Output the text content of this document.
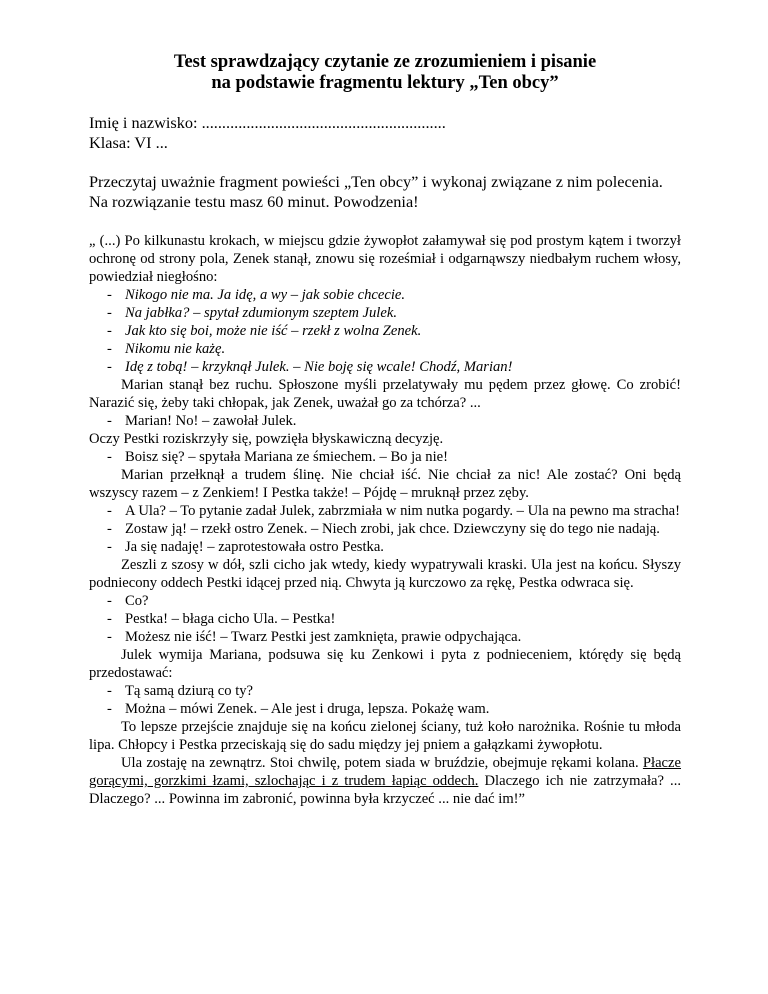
Test sprawdzający czytanie ze zrozumieniem i pisanie
na podstawie fragmentu lektury „Ten obcy”
Imię i nazwisko: ............................................................
Klasa: VI ...
Przeczytaj uważnie fragment powieści „Ten obcy” i wykonaj związane z nim polecenia. Na rozwiązanie testu masz 60 minut. Powodzenia!
„ (...) Po kilkunastu krokach, w miejscu gdzie żywopłot załamywał się pod prostym kątem i tworzył ochronę od strony pola, Zenek stanął, znowu się roześmiał i odgarnąwszy niedbałym ruchem włosy, powiedział niegłośno:
- Nikogo nie ma. Ja idę, a wy – jak sobie chcecie.
- Na jabłka? – spytał zdumionym szeptem Julek.
- Jak kto się boi, może nie iść – rzekł z wolna Zenek.
- Nikomu nie każę.
- Idę z tobą! – krzyknął Julek. – Nie boję się wcale! Chodź, Marian!
Marian stanął bez ruchu. Spłoszone myśli przelatywały mu pędem przez głowę. Co zrobić! Narazić się, żeby taki chłopak, jak Zenek, uważał go za tchórza? ...
- Marian! No! – zawołał Julek.
Oczy Pestki roziskrzyły się, powzięła błyskawiczną decyzję.
- Boisz się? – spytała Mariana ze śmiechem. – Bo ja nie!
Marian przełknął a trudem ślinę. Nie chciał iść. Nie chciał za nic! Ale zostać? Oni będą wszyscy razem – z Zenkiem! I Pestka także! – Pójdę – mruknął przez zęby.
- A Ula? – To pytanie zadał Julek, zabrzmiała w nim nutka pogardy. – Ula na pewno ma stracha!
- Zostaw ją! – rzekł ostro Zenek. – Niech zrobi, jak chce. Dziewczyny się do tego nie nadają.
- Ja się nadaję! – zaprotestowała ostro Pestka.
Zeszli z szosy w dół, szli cicho jak wtedy, kiedy wypatrywali kraski. Ula jest na końcu. Słyszy podniecony oddech Pestki idącej przed nią. Chwyta ją kurczowo za rękę, Pestka odwraca się.
- Co?
- Pestka! – błaga cicho Ula. – Pestka!
- Możesz nie iść! – Twarz Pestki jest zamknięta, prawie odpychająca.
Julek wymija Mariana, podsuwa się ku Zenkowi i pyta z podnieceniem, którędy się będą przedostawać:
- Tą samą dziurą co ty?
- Można – mówi Zenek. – Ale jest i druga, lepsza. Pokażę wam.
To lepsze przejście znajduje się na końcu zielonej ściany, tuż koło narożnika. Rośnie tu młoda lipa. Chłopcy i Pestka przeciskają się do sadu między jej pniem a gałązkami żywopłotu.
Ula zostaję na zewnątrz. Stoi chwilę, potem siada w bruździe, obejmuje rękami kolana. Płacze gorącymi, gorzkimi łzami, szlochając i z trudem łapiąc oddech. Dlaczego ich nie zatrzymała? ... Dlaczego? ... Powinna im zabronić, powinna była krzyczeć ... nie dać im!”
